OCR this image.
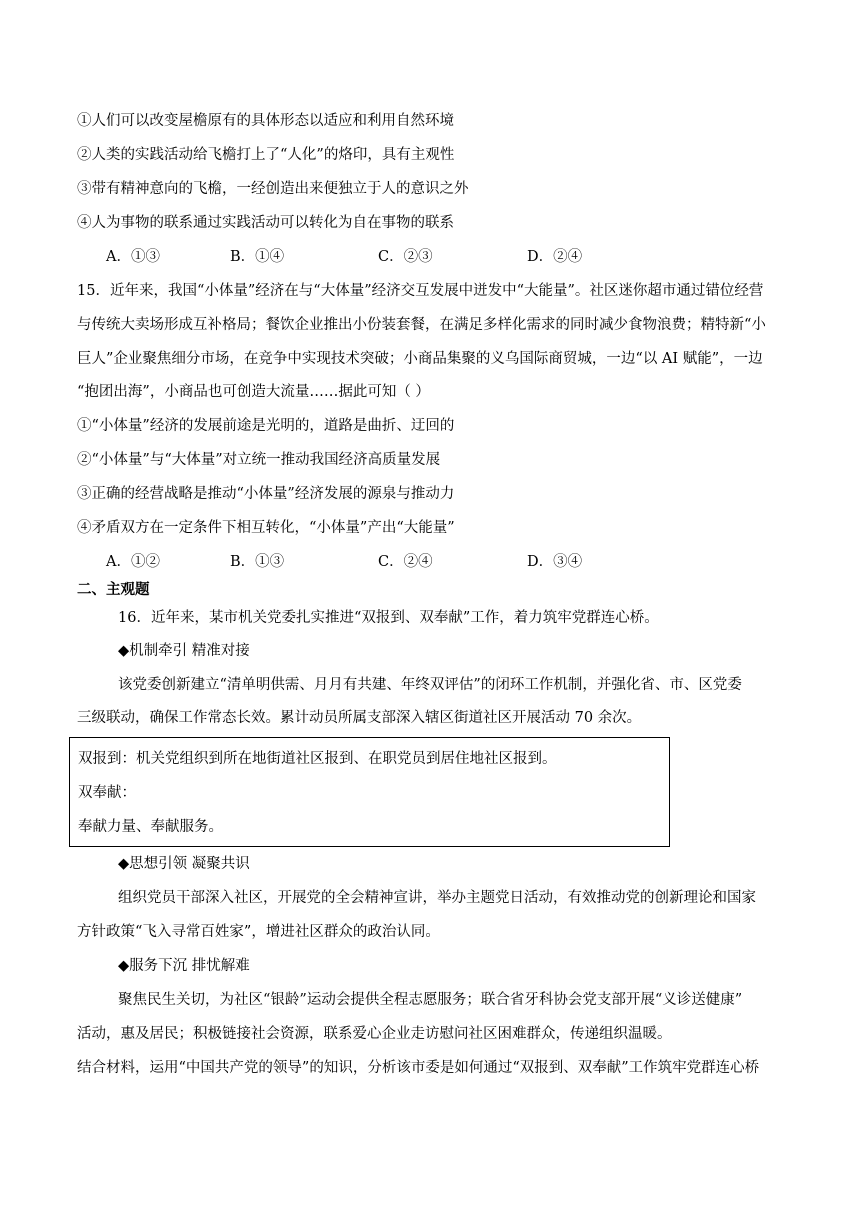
①人们可以改变屋檐原有的具体形态以适应和利用自然环境
②人类的实践活动给飞檐打上了“人化”的烙印，具有主观性
③带有精神意向的飞檐，一经创造出来便独立于人的意识之外
④人为事物的联系通过实践活动可以转化为自在事物的联系
A．①③	B．①④	C．②③	D．②④
15．近年来，我国“小体量”经济在与“大体量”经济交互发展中迸发中“大能量”。社区迷你超市通过错位经营
与传统大卖场形成互补格局；餐饮企业推出小份装套餐，在满足多样化需求的同时减少食物浪费；精特新“小
巨人”企业聚焦细分市场，在竞争中实现技术突破；小商品集聚的义乌国际商贸城，一边“以 AI 赋能”，一边
“抱团出海”，小商品也可创造大流量……据此可知（ ）
①“小体量”经济的发展前途是光明的，道路是曲折、迂回的
②“小体量”与“大体量”对立统一推动我国经济高质量发展
③正确的经营战略是推动“小体量”经济发展的源泉与推动力
④矛盾双方在一定条件下相互转化，“小体量”产出“大能量”
A．①②	B．①③	C．②④	D．③④
二、主观题
16．近年来，某市机关党委扎实推进“双报到、双奉献”工作，着力筑牢党群连心桥。
◆机制牵引 精准对接
该党委创新建立“清单明供需、月月有共建、年终双评估”的闭环工作机制，并强化省、市、区党委
三级联动，确保工作常态长效。累计动员所属支部深入辖区街道社区开展活动 70 余次。
双报到：机关党组织到所在地街道社区报到、在职党员到居住地社区报到。
双奉献：
奉献力量、奉献服务。
◆思想引领 凝聚共识
组织党员干部深入社区，开展党的全会精神宣讲，举办主题党日活动，有效推动党的创新理论和国家
方针政策“飞入寻常百姓家”，增进社区群众的政治认同。
◆服务下沉 排忧解难
聚焦民生关切，为社区“银龄”运动会提供全程志愿服务；联合省牙科协会党支部开展“义诊送健康”
活动，惠及居民；积极链接社会资源，联系爱心企业走访慰问社区困难群众，传递组织温暖。
结合材料，运用“中国共产党的领导”的知识，分析该市委是如何通过“双报到、双奉献”工作筑牢党群连心桥
